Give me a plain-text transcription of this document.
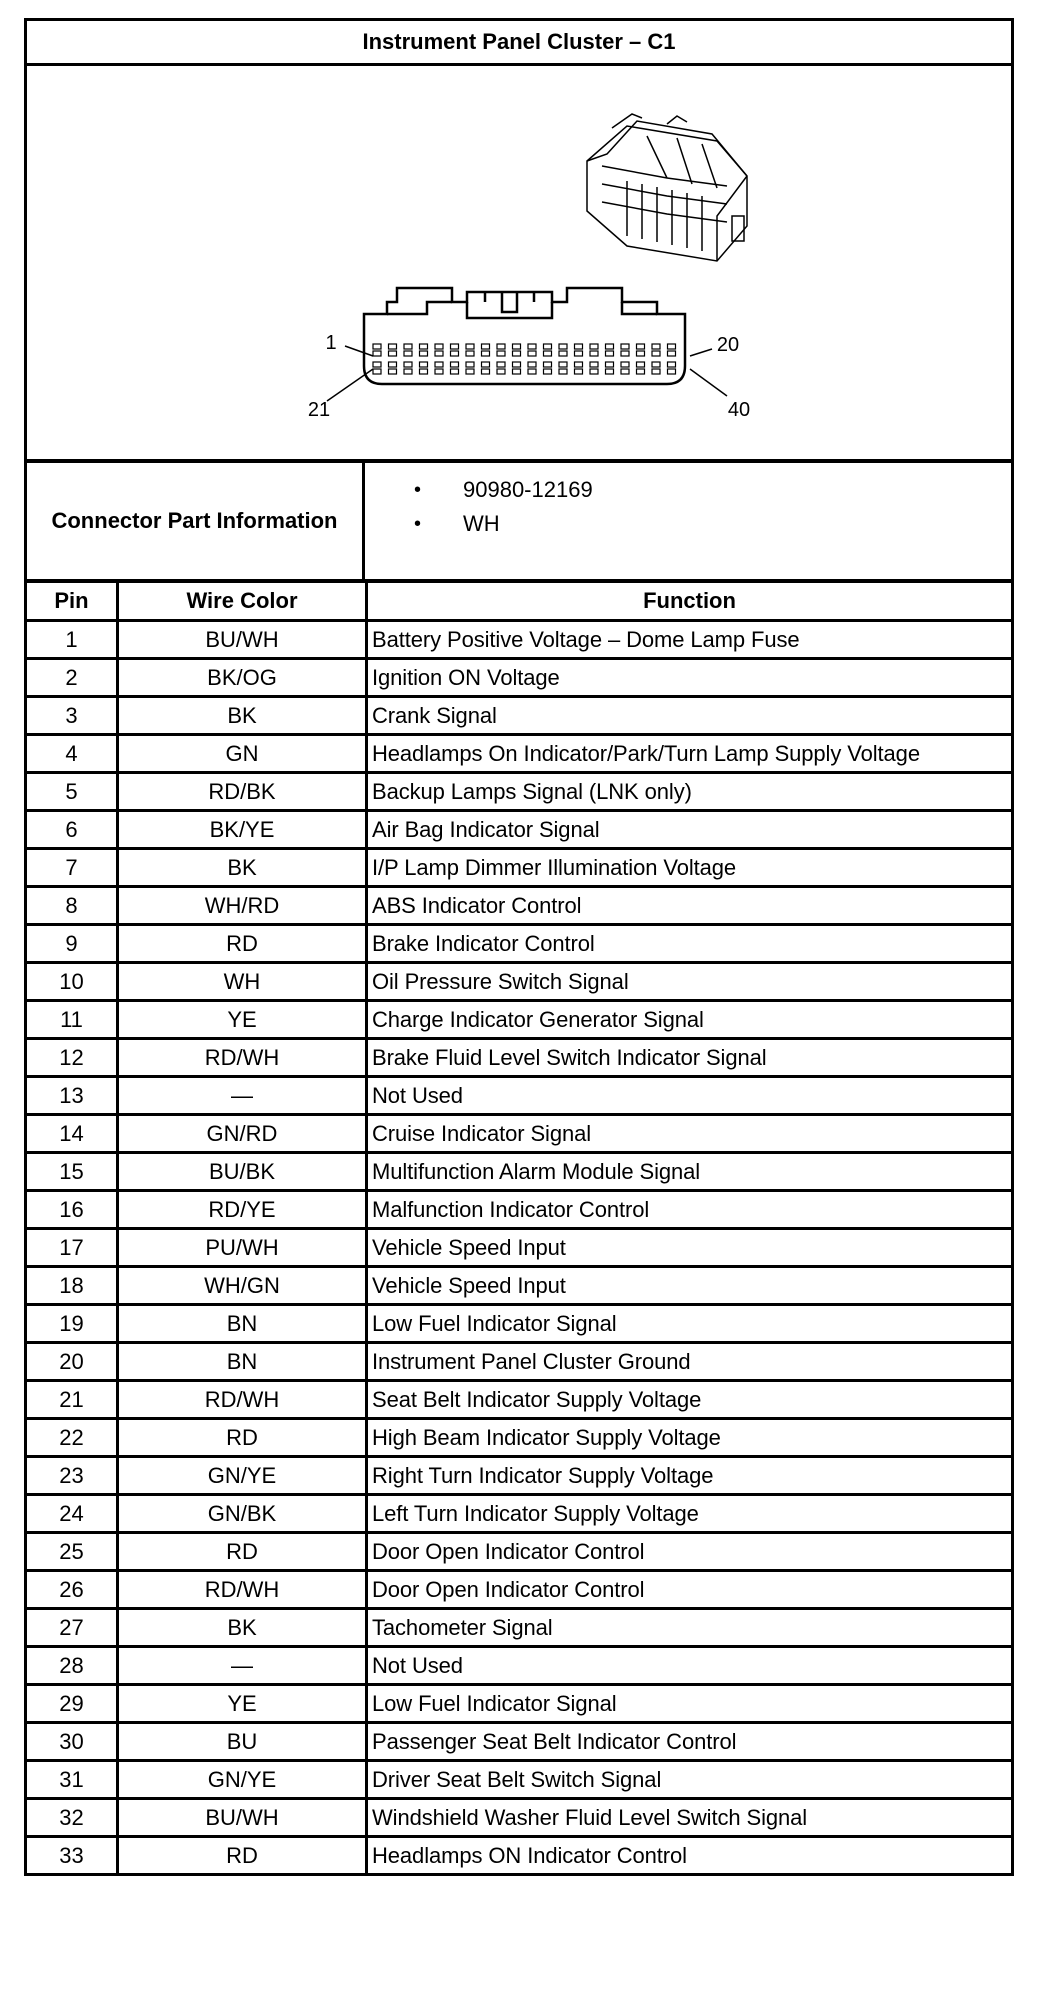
Instrument Panel Cluster – C1
1	20
21	40
Connector Part Information
•	90980-12169
•	WH
Pin	Wire Color	Function
1	BU/WH	Battery Positive Voltage – Dome Lamp Fuse
2	BK/OG	Ignition ON Voltage
3	BK	Crank Signal
4	GN	Headlamps On Indicator/Park/Turn Lamp Supply Voltage
5	RD/BK	Backup Lamps Signal (LNK only)
6	BK/YE	Air Bag Indicator Signal
7	BK	I/P Lamp Dimmer Illumination Voltage
8	WH/RD	ABS Indicator Control
9	RD	Brake Indicator Control
10	WH	Oil Pressure Switch Signal
11	YE	Charge Indicator Generator Signal
12	RD/WH	Brake Fluid Level Switch Indicator Signal
13	—	Not Used
14	GN/RD	Cruise Indicator Signal
15	BU/BK	Multifunction Alarm Module Signal
16	RD/YE	Malfunction Indicator Control
17	PU/WH	Vehicle Speed Input
18	WH/GN	Vehicle Speed Input
19	BN	Low Fuel Indicator Signal
20	BN	Instrument Panel Cluster Ground
21	RD/WH	Seat Belt Indicator Supply Voltage
22	RD	High Beam Indicator Supply Voltage
23	GN/YE	Right Turn Indicator Supply Voltage
24	GN/BK	Left Turn Indicator Supply Voltage
25	RD	Door Open Indicator Control
26	RD/WH	Door Open Indicator Control
27	BK	Tachometer Signal
28	—	Not Used
29	YE	Low Fuel Indicator Signal
30	BU	Passenger Seat Belt Indicator Control
31	GN/YE	Driver Seat Belt Switch Signal
32	BU/WH	Windshield Washer Fluid Level Switch Signal
33	RD	Headlamps ON Indicator Control
